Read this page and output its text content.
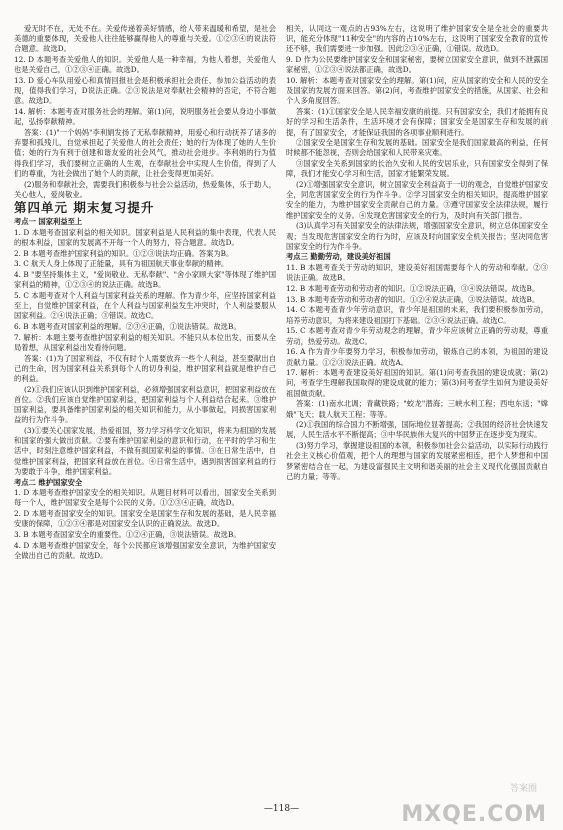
爱无时不在，无处不在。关爱传递着美好情感，给人带来温暖和希望，是社会美德的重要体现，关爱他人往往能够赢得他人的尊重与关爱。①②③④的说法符合题意。故选D。

12. D 本题考查关爱他人的知识。关爱他人是一种幸福，为他人着想，关爱他人也是关爱自己，①②③④正确。故选D。

13. D 爱心车队用爱心和真情回报社会是积极承担社会责任、参加公益活动的表现，值得我们学习，D说法正确。②③说法是对奉献社会精神的否定，不符合题意。故选D。

14. 解析：本题考查对服务社会的理解。第(1)问，说明服务社会要从身边小事做起，弘扬奉献精神。

答案：(1)"一个妈妈"李利娟发扬了无私奉献精神，用爱心和行动抚养了诸多的弃婴和孤残儿，自觉承担起了关爱他人的社会责任；她的行为体现了她的人生价值；她的行为有利于创建和谐友爱的社会风气，推动社会进步。李利娟的行为值得我们学习，我们要树立正确的人生观，在奉献社会中实现人生价值，得到了人们的尊重，为社会做出了她个人的贡献，让社会变得更加美好。

(2)服务和奉献社会，需要我们积极参与社会公益活动，热爱集体，乐于助人，关心他人，爱岗敬业。

第四单元 期末复习提升

考点一 国家利益至上

1. D 本题考查国家利益的相关知识。国家利益是人民利益的集中表现，代表人民的根本利益，国家的发展离不开每一个人的努力，符合题意。故选D。

2. B 本题考查维护国家利益的知识。①②③说法均正确。答案为B。

3. C 航天人身上体现了正能量，具有为祖国航天事业奉献的精神。

4. B "要坚持集体主义，"爱岗敬业、无私奉献"、"舍小家顾大家"等体现了维护国家利益的精神，①②③④的说法正确。故选B。

5. C 本题考查对个人利益与国家利益关系的理解。作为青少年，应坚持国家利益至上，自觉维护国家利益，在个人利益与国家利益发生冲突时，个人利益要服从国家利益。②④说法正确；③错误。故选C。

6. B 本题考查对国家利益的理解。②③④正确，①说法错误。故选B。

7. 解析：本题主要考查维护国家利益的相关知识。不能只从本位出发，而要从全局着想，从国家利益出发看待问题。

答案：(1)为了国家利益，不仅有时个人需要放弃一些个人利益，甚至要献出自己的生命，因为国家利益关系到每个人的切身利益，维护国家利益就是维护自己的利益。

(2)①我们应该认识到维护国家利益，必须增强国家利益意识，把国家利益放在首位。②我们应该自觉维护国家利益，把国家利益与个人利益结合起来。③维护国家利益，要具备维护国家利益的相关知识和能力，从小事做起，同损害国家利益的行为作斗争。

(3)①要关心国家发展，热爱祖国，努力学习科学文化知识，将来为祖国的发展和国家的强大做出贡献。②要有维护国家利益的意识和行动，在平时的学习和生活中，时刻注意维护国家利益，不做有损国家利益的事情。③在日常生活中，自觉维护国家利益，把国家利益放在首位。④日常生活中，遇到损害国家利益的行为要敢于斗争，维护国家利益。

考点二 维护国家安全

1. D 本题考查维护国家安全的相关知识。从题目材料可以看出，国家安全关系到每一个人，维护国家安全是每个公民的义务。①②③④正确，故选D。

2. D 本题考查国家安全的知识。国家安全是国家生存和发展的基础，是人民幸福安康的保障，①②③④都是对国家安全认识的正确说法。故选D。

3. B 本题考查国家安全的重要性。①②④正确，③说法错误。故选B。

4. D 本题考查维护国家安全，每个公民都应该增强国家安全意识，为维护国家安全做出自己的贡献。故选D。

相关，认同这一观点的占93%左右，这说明了维护国家安全是全社会的重要共识，能充分体现"11种安全"的内容的占10%左右，这说明了国家安全教育的宣传还不够，我们需要进一步加强。因此②③④正确，①错误。故选D。

9. D 作为公民要维护国家安全和国家秘密，要树立国家安全意识，做到不泄露国家秘密，①②③④说法都正确，故选D。

10. 解析：本题考查对国家安全的理解。第(1)问，应从国家的安全和人民的安全及国家的发展方面来回答。第(2)问，考查维护国家安全的措施，从国家、社会和个人多角度回答。

答案：(1)①国家安全是人民幸福安康的前提。只有国家安全，我们才能拥有良好的学习和生活条件，生活环境才会有保障；国家安全是国家生存和发展的前提，有了国家安全，才能保证我国的各项事业顺利进行。

②国家安全是国家生存和发展的基础。国家安全是我们国家最高的利益，任何时候都不能忽视，否则会给国家和人民带来灾难。

③国家安全关系到国家的长治久安和人民的安居乐业，只有国家安全得到了保障，我们才能安心学习和生活，国家才能繁荣发展。

(2)①增强国家安全意识，树立国家安全利益高于一切的观念，自觉维护国家安全，同危害国家安全的行为作斗争。②学习国家安全的相关知识，提高维护国家安全的能力，为维护国家安全贡献自己的力量。③遵守国家安全法律法规，履行维护国家安全的义务。④发现危害国家安全的行为，及时向有关部门报告。

(3)认真学习有关国家安全的法律法规，增强国家安全意识，树立总体国家安全观；当发现危害国家安全的行为时，应该及时向国家安全机关报告；坚决同危害国家安全的行为作斗争。

考点三 勤勤劳动，建设美好祖国

11. B 本题考查关于劳动的知识，建设美好祖国需要每个人的劳动和奉献。②③说法正确。故选B。

12. B 本题考查劳动和劳动者的知识。①②说法正确，③④说法错误。故选B。

13. B 本题考查劳动和劳动者的知识。①②④说法正确，③说法错误。故选B。

14. C 本题考查青少年劳动意识，青少年是祖国的未来，我们要积极参加劳动，培养劳动意识，为将来建设祖国打下基础。②③④说法正确。故选C。

15. C 本题考查对青少年劳动观念的理解，青少年应该树立正确的劳动观，尊重劳动，热爱劳动。故选C。

16. A 作为青少年要努力学习，积极参加劳动，锻炼自己的本领，为祖国的建设贡献力量。①②③说法正确。故选A。

17. 解析：本题考查建设美好祖国的知识。第(1)问考查我国的建设成就；第(2)问，考查学生理解我国取得的建设成就的能力；第(3)问考查学生如何为建设美好祖国做贡献。

答案：(1)南水北调；青藏铁路；"蛟龙"潜海；三峡水利工程；西电东送；"嫦娥"飞天；载人航天工程；等等。

(2)①我国的综合国力不断增强，国际地位显著提高；②我国的经济社会快速发展，人民生活水平不断提高；③中华民族伟大复兴的中国梦正在逐步变为现实。

(3)努力学习，掌握建设祖国的本领，积极参加社会公益活动，以实际行动践行社会主义核心价值观，把个人的理想与国家的发展紧密相连，把个人梦想和中国梦紧密结合在一起，为建设富强民主文明和谐美丽的社会主义现代化强国贡献自己的力量；等等。

—118—
答案圈
MXQE.COM
